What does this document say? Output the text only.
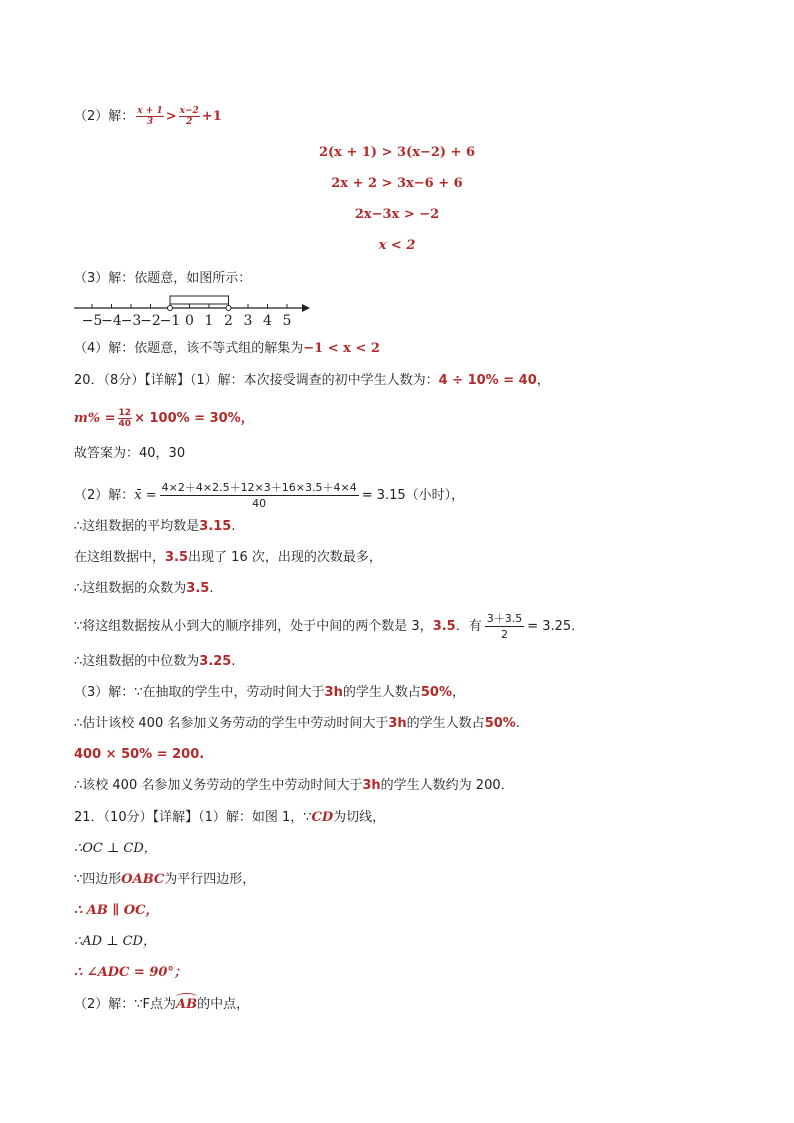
（2）解： $\frac{x + 1}{3} > \frac{x-2}{2} +1$
2(x + 1) > 3(x−2) + 6
2x + 2 > 3x−6 + 6
2x−3x > −2
x < 2
（3）解：依题意，如图所示：
−5
−4
−3
−2
−1 0 1 2 3 4 5
（4）解：依题意，该不等式组的解集为−1 < x < 2
20．（8分）【详解】（1）解：本次接受调查的初中学生人数为：4 ÷ 10% = 40，
$m\% = \frac{12}{40} \times 100\% = 30\%$，
故答案为：40，30
（2）解：x̄ = $\frac{4\times 2+4\times 2.5+12\times 3+16\times 3.5+4\times 4}{40} = 3.15$（小时），
∴这组数据的平均数是3.15.
在这组数据中，3.5出现了 16 次，出现的次数最多，
∴这组数据的众数为3.5.
∵将这组数据按从小到大的顺序排列，处于中间的两个数是 3，3.5．有 $\frac{3+3.5}{2} = 3.25$．
∴这组数据的中位数为3.25.
（3）解：∵在抽取的学生中，劳动时间大于3h的学生人数占50%，
∴估计该校 400 名参加义务劳动的学生中劳动时间大于3h的学生人数占50%.
400 × 50% = 200.
∴该校 400 名参加义务劳动的学生中劳动时间大于3h的学生人数约为 200．
21．（10分）【详解】（1）解：如图 1，∵CD为切线，
∴OC ⊥ CD，
∵四边形OABC为平行四边形，
∴ AB ∥ OC，
∴AD ⊥ CD，
∴ ∠ADC = 90°；
（2）解：∵F点为AB的中点，
